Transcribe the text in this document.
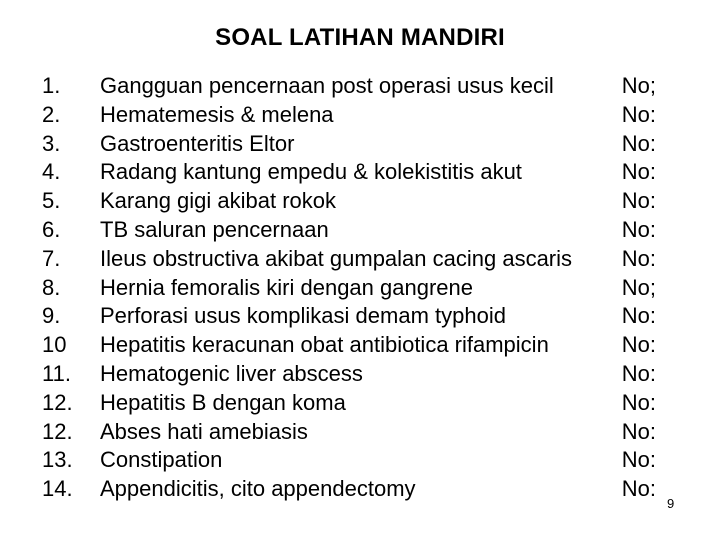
SOAL LATIHAN MANDIRI
1. Gangguan pencernaan post operasi usus kecil	No;
2. Hematemesis & melena	No:
3. Gastroenteritis Eltor	No:
4. Radang kantung empedu & kolekistitis akut	No:
5. Karang gigi akibat rokok	No:
6. TB saluran pencernaan	No:
7. Ileus obstructiva akibat gumpalan cacing ascaris No:
8. Hernia femoralis kiri dengan gangrene	No;
9. Perforasi usus komplikasi demam typhoid	No:
10 Hepatitis keracunan obat antibiotica rifampicin	No:
11. Hematogenic liver abscess	No:
12. Hepatitis B dengan koma	No:
12. Abses hati amebiasis	No:
13. Constipation	No:
14. Appendicitis, cito appendectomy	No:
9
